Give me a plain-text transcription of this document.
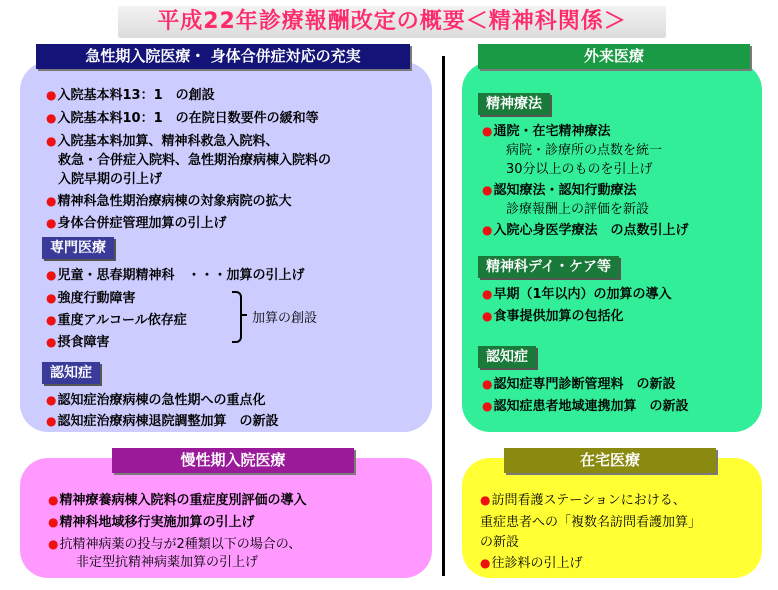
平成22年診療報酬改定の概要＜精神科関係＞
急性期入院医療・ 身体合併症対応の充実	外来医療
慢性期入院医療	在宅医療
●入院基本料13：1　の創設
●入院基本料10：1　の在院日数要件の緩和等
●入院基本料加算、精神科救急入院料、
救急・合併症入院料、急性期治療病棟入院料の
入院早期の引上げ
●精神科急性期治療病棟の対象病院の拡大
●身体合併症管理加算の引上げ
専門医療
●児童・思春期精神科　・・・加算の引上げ
●強度行動障害
●重度アルコール依存症
●摂食障害
加算の創設
認知症
●認知症治療病棟の急性期への重点化
●認知症治療病棟退院調整加算　の新設
精神療法
●通院・在宅精神療法
病院・診療所の点数を統一
30分以上のものを引上げ
●認知療法・認知行動療法
診療報酬上の評価を新設
●入院心身医学療法　の点数引上げ
精神科デイ・ケア等
●早期（1年以内）の加算の導入
●食事提供加算の包括化
認知症
●認知症専門診断管理料　の新設
●認知症患者地域連携加算　の新設
●精神療養病棟入院料の重症度別評価の導入
●精神科地域移行実施加算の引上げ
●抗精神病薬の投与が2種類以下の場合の、
非定型抗精神病薬加算の引上げ
●訪問看護ステーションにおける、
重症患者への「複数名訪問看護加算」
の新設
●往診料の引上げ
